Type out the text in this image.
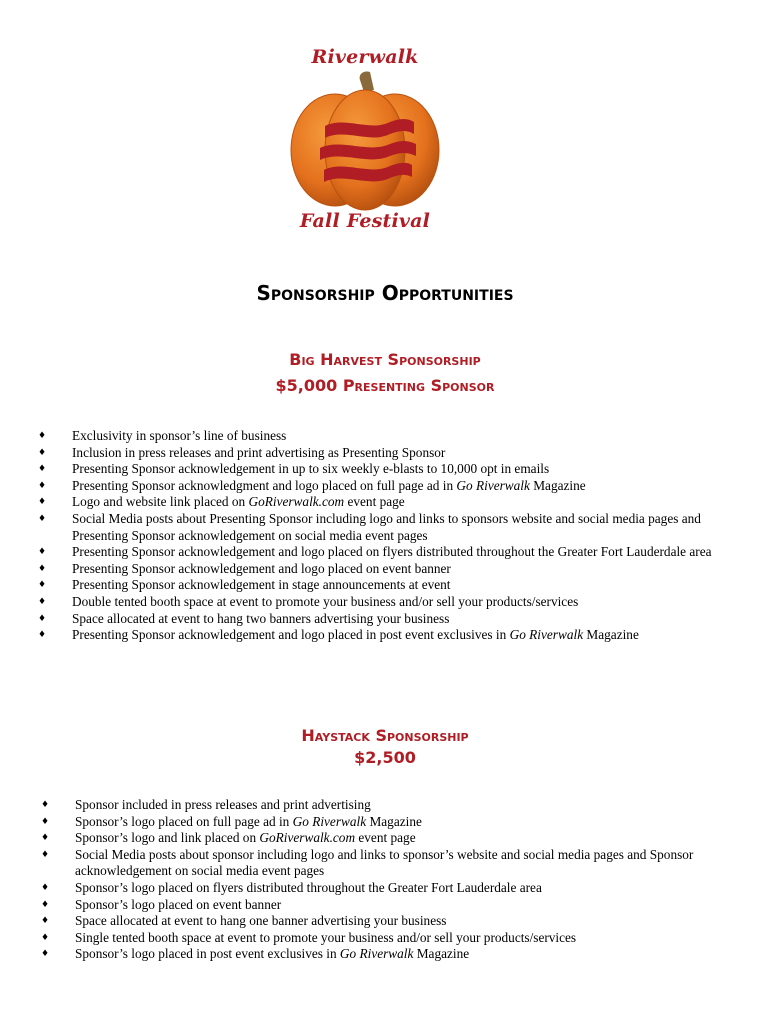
Riverwalk
Fall Festival
Sponsorship Opportunities
Big Harvest Sponsorship
$5,000 Presenting Sponsor
♦ Exclusivity in sponsor’s line of business
♦ Inclusion in press releases and print advertising as Presenting Sponsor
♦ Presenting Sponsor acknowledgement in up to six weekly e-blasts to 10,000 opt in emails
♦ Presenting Sponsor acknowledgment and logo placed on full page ad in Go Riverwalk Magazine
♦ Logo and website link placed on GoRiverwalk.com event page
♦ Social Media posts about Presenting Sponsor including logo and links to sponsors website and social media pages and Presenting Sponsor acknowledgement on social media event pages
♦ Presenting Sponsor acknowledgement and logo placed on flyers distributed throughout the Greater Fort Lauderdale area
♦ Presenting Sponsor acknowledgement and logo placed on event banner
♦ Presenting Sponsor acknowledgement in stage announcements at event
♦ Double tented booth space at event to promote your business and/or sell your products/services
♦ Space allocated at event to hang two banners advertising your business
♦ Presenting Sponsor acknowledgement and logo placed in post event exclusives in Go Riverwalk Magazine
Haystack Sponsorship
$2,500
♦ Sponsor included in press releases and print advertising
♦ Sponsor’s logo placed on full page ad in Go Riverwalk Magazine
♦ Sponsor’s logo and link placed on GoRiverwalk.com event page
♦ Social Media posts about sponsor including logo and links to sponsor’s website and social media pages and Sponsor acknowledgement on social media event pages
♦ Sponsor’s logo placed on flyers distributed throughout the Greater Fort Lauderdale area
♦ Sponsor’s logo placed on event banner
♦ Space allocated at event to hang one banner advertising your business
♦ Single tented booth space at event to promote your business and/or sell your products/services
♦ Sponsor’s logo placed in post event exclusives in Go Riverwalk Magazine
